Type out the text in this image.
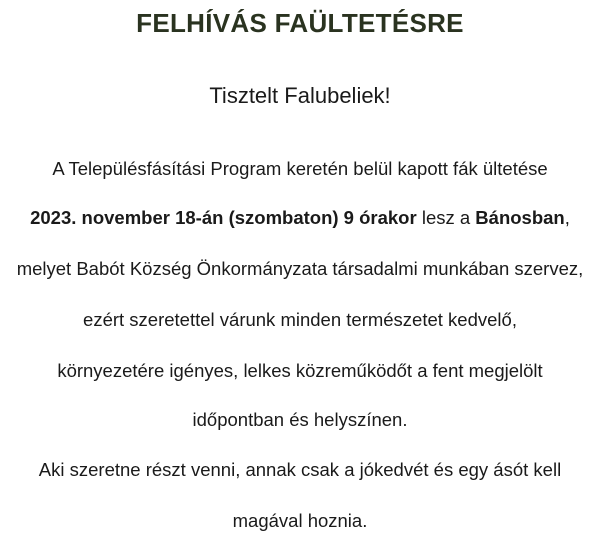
FELHÍVÁS FAÜLTETÉSRE

Tisztelt Falubeliek!

A Településfásítási Program keretén belül kapott fák ültetése

2023. november 18-án (szombaton) 9 órakor lesz a Bánosban,

melyet Babót Község Önkormányzata társadalmi munkában szervez,

ezért szeretettel várunk minden természetet kedvelő,

környezetére igényes, lelkes közreműködőt a fent megjelölt

időpontban és helyszínen.

Aki szeretne részt venni, annak csak a jókedvét és egy ásót kell

magával hoznia.
